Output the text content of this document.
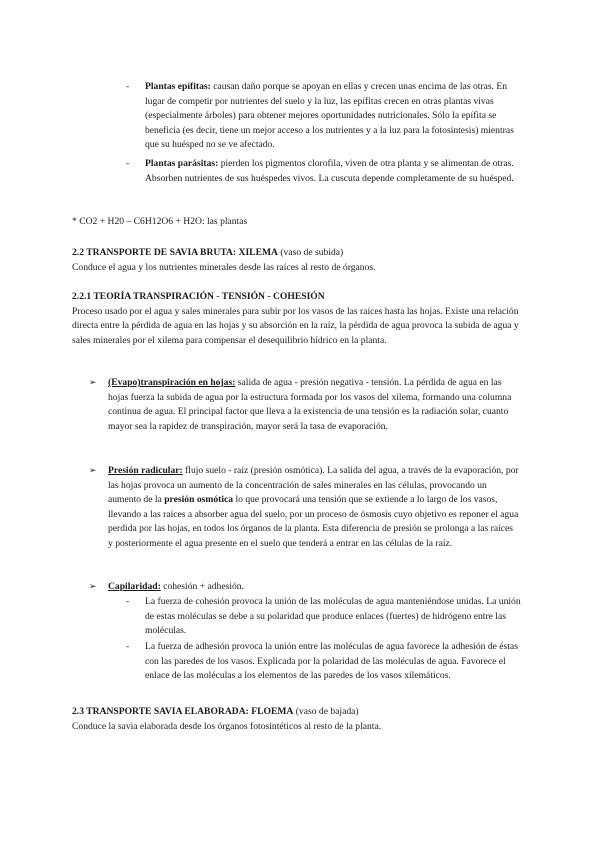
- Plantas epífitas: causan daño porque se apoyan en ellas y crecen unas encima de las otras. En lugar de competir por nutrientes del suelo y la luz, las epífitas crecen en otras plantas vivas (especialmente árboles) para obtener mejores oportunidades nutricionales. Sólo la epífita se beneficia (es decir, tiene un mejor acceso a los nutrientes y a la luz para la fotosíntesis) mientras que su huésped no se ve afectado.

- Plantas parásitas: pierden los pigmentos clorofila, viven de otra planta y se alimentan de otras. Absorben nutrientes de sus huéspedes vivos. La cuscuta depende completamente de su huésped.

* CO2 + H20 – C6H12O6 + H2O: las plantas

2.2 TRANSPORTE DE SAVIA BRUTA: XILEMA (vaso de subida)

Conduce el agua y los nutrientes minerales desde las raíces al resto de órganos.

2.2.1 TEORÍA TRANSPIRACIÓN - TENSIÓN - COHESIÓN

Proceso usado por el agua y sales minerales para subir por los vasos de las raíces hasta las hojas. Existe una relación directa entre la pérdida de agua en las hojas y su absorción en la raíz, la pérdida de agua provoca la subida de agua y sales minerales por el xilema para compensar el desequilibrio hídrico en la planta.

➢ (Evapo)transpiración en hojas: salida de agua - presión negativa - tensión. La pérdida de agua en las hojas fuerza la subida de agua por la estructura formada por los vasos del xilema, formando una columna continua de agua. El principal factor que lleva a la existencia de una tensión es la radiación solar, cuanto mayor sea la rapidez de transpiración, mayor será la tasa de evaporación.

➢ Presión radicular: flujo suelo - raíz (presión osmótica). La salida del agua, a través de la evaporación, por las hojas provoca un aumento de la concentración de sales minerales en las células, provocando un aumento de la presión osmótica lo que provocará una tensión que se extiende a lo largo de los vasos, llevando a las raíces a absorber agua del suelo, por un proceso de ósmosis cuyo objetivo es reponer el agua perdida por las hojas, en todos los órganos de la planta. Esta diferencia de presión se prolonga a las raíces y posteriormente el agua presente en el suelo que tenderá a entrar en las células de la raíz.

➢ Capilaridad: cohesión + adhesión.

- La fuerza de cohesión provoca la unión de las moléculas de agua manteniéndose unidas. La unión de estas moléculas se debe a su polaridad que produce enlaces (fuertes) de hidrógeno entre las moléculas.

- La fuerza de adhesión provoca la unión entre las moléculas de agua favorece la adhesión de éstas con las paredes de los vasos. Explicada por la polaridad de las moléculas de agua. Favorece el enlace de las moléculas a los elementos de las paredes de los vasos xilemáticos.

2.3 TRANSPORTE SAVIA ELABORADA: FLOEMA (vaso de bajada)

Conduce la savia elaborada desde los órganos fotosintéticos al resto de la planta.
